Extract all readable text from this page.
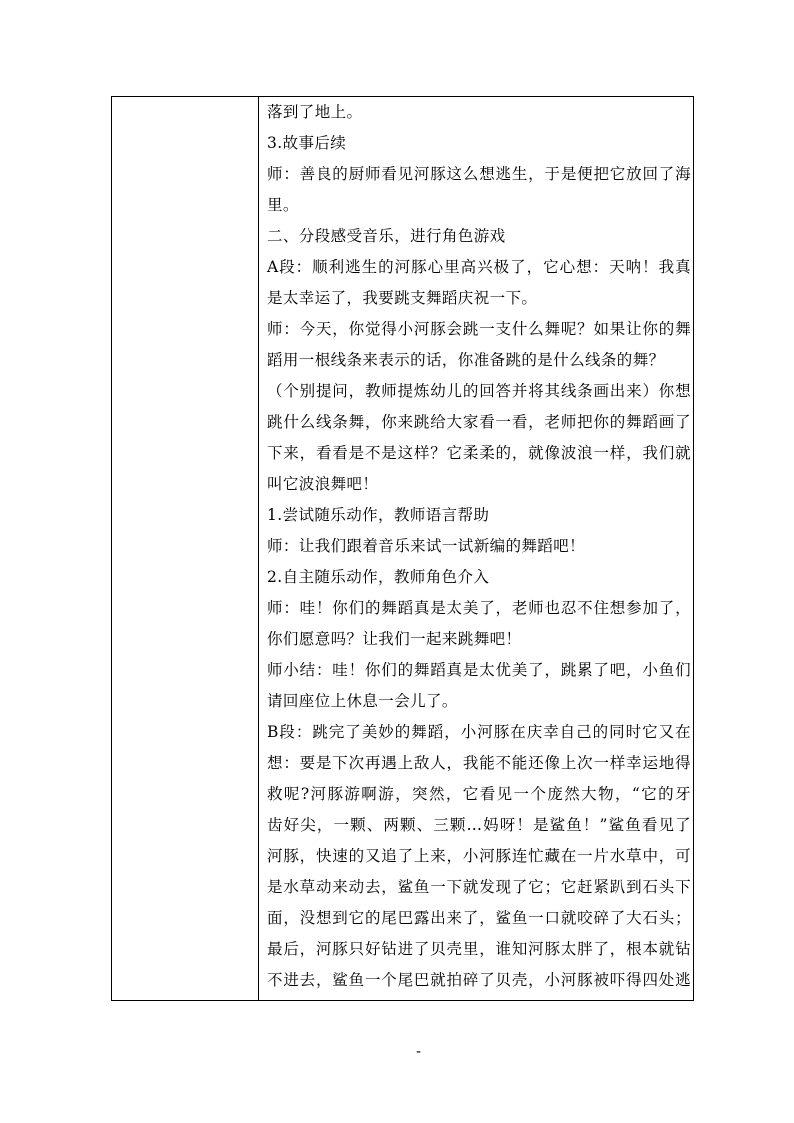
落到了地上。
3.故事后续
师：善良的厨师看见河豚这么想逃生，于是便把它放回了海
里。
二、分段感受音乐，进行角色游戏
A段：顺利逃生的河豚心里高兴极了，它心想：天呐！我真
是太幸运了，我要跳支舞蹈庆祝一下。
师：今天，你觉得小河豚会跳一支什么舞呢？如果让你的舞
蹈用一根线条来表示的话，你准备跳的是什么线条的舞？
（个别提问，教师提炼幼儿的回答并将其线条画出来）你想
跳什么线条舞，你来跳给大家看一看，老师把你的舞蹈画了
下来，看看是不是这样？它柔柔的，就像波浪一样，我们就
叫它波浪舞吧！
1.尝试随乐动作，教师语言帮助
师：让我们跟着音乐来试一试新编的舞蹈吧！
2.自主随乐动作，教师角色介入
师：哇！你们的舞蹈真是太美了，老师也忍不住想参加了，
你们愿意吗？让我们一起来跳舞吧！
师小结：哇！你们的舞蹈真是太优美了，跳累了吧，小鱼们
请回座位上休息一会儿了。
B段：跳完了美妙的舞蹈，小河豚在庆幸自己的同时它又在
想：要是下次再遇上敌人，我能不能还像上次一样幸运地得
救呢?河豚游啊游，突然，它看见一个庞然大物，“它的牙
齿好尖，一颗、两颗、三颗…妈呀！是鲨鱼！”鲨鱼看见了
河豚，快速的又追了上来，小河豚连忙藏在一片水草中，可
是水草动来动去，鲨鱼一下就发现了它；它赶紧趴到石头下
面，没想到它的尾巴露出来了，鲨鱼一口就咬碎了大石头；
最后，河豚只好钻进了贝壳里，谁知河豚太胖了，根本就钻
不进去，鲨鱼一个尾巴就拍碎了贝壳，小河豚被吓得四处逃
-
